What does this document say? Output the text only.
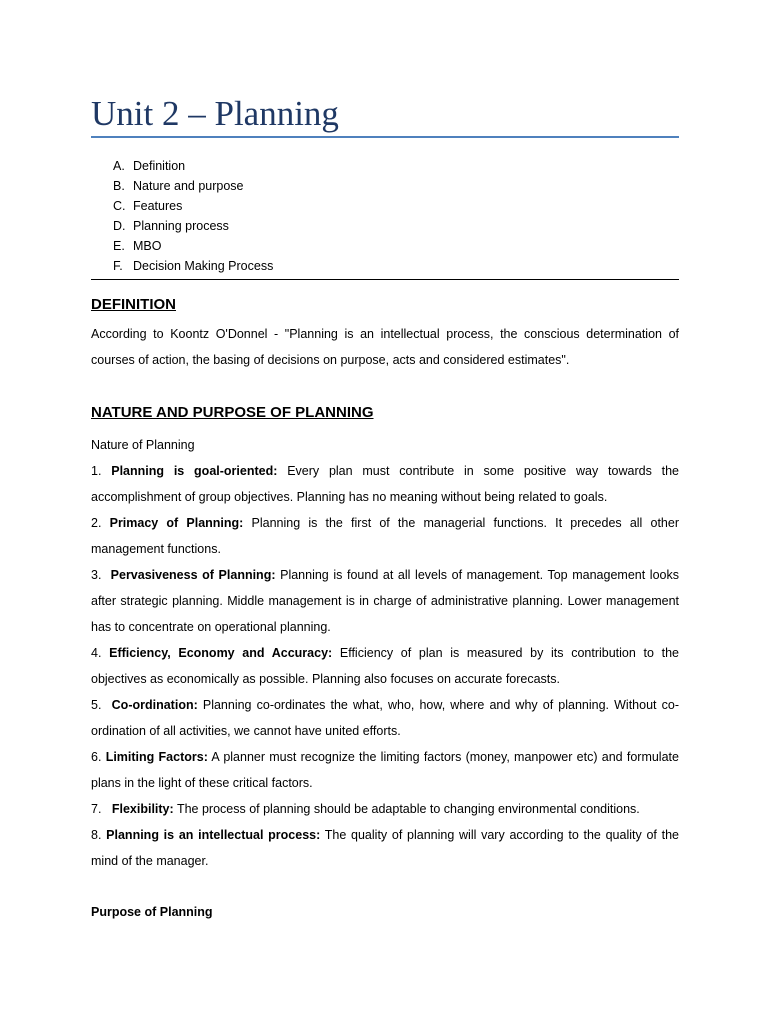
Unit 2 – Planning
A. Definition
B. Nature and purpose
C. Features
D. Planning process
E. MBO
F. Decision Making Process
DEFINITION

According to Koontz O'Donnel - "Planning is an intellectual process, the conscious determination of courses of action, the basing of decisions on purpose, acts and considered estimates".

NATURE AND PURPOSE OF PLANNING
Nature of Planning

1. Planning is goal-oriented: Every plan must contribute in some positive way towards the accomplishment of group objectives. Planning has no meaning without being related to goals.

2. Primacy of Planning: Planning is the first of the managerial functions. It precedes all other management functions.

3. Pervasiveness of Planning: Planning is found at all levels of management. Top management looks after strategic planning. Middle management is in charge of administrative planning. Lower management has to concentrate on operational planning.

4. Efficiency, Economy and Accuracy: Efficiency of plan is measured by its contribution to the objectives as economically as possible. Planning also focuses on accurate forecasts.

5. Co-ordination: Planning co-ordinates the what, who, how, where and why of planning. Without co-ordination of all activities, we cannot have united efforts.

6. Limiting Factors: A planner must recognize the limiting factors (money, manpower etc) and formulate plans in the light of these critical factors.

7. Flexibility: The process of planning should be adaptable to changing environmental conditions.

8. Planning is an intellectual process: The quality of planning will vary according to the quality of the mind of the manager.

Purpose of Planning
